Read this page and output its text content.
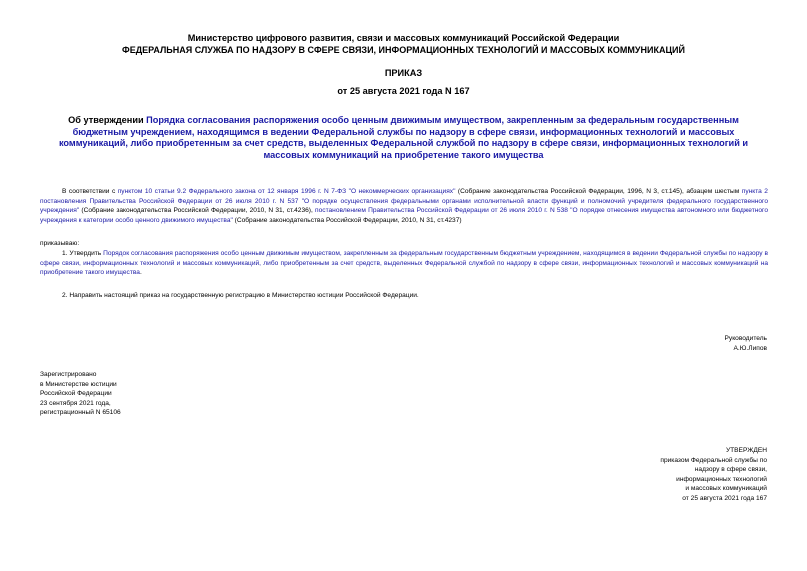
Министерство цифрового развития, связи и массовых коммуникаций Российской Федерации
ФЕДЕРАЛЬНАЯ СЛУЖБА ПО НАДЗОРУ В СФЕРЕ СВЯЗИ, ИНФОРМАЦИОННЫХ ТЕХНОЛОГИЙ И МАССОВЫХ КОММУНИКАЦИЙ
ПРИКАЗ
от 25 августа 2021 года N 167
Об утверждении Порядка согласования распоряжения особо ценным движимым имуществом, закрепленным за федеральным государственным бюджетным учреждением, находящимся в ведении Федеральной службы по надзору в сфере связи, информационных технологий и массовых коммуникаций, либо приобретенным за счет средств, выделенных Федеральной службой по надзору в сфере связи, информационных технологий и массовых коммуникаций на приобретение такого имущества
В соответствии с пунктом 10 статьи 9.2 Федерального закона от 12 января 1996 г. N 7-ФЗ "О некоммерческих организациях" (Собрание законодательства Российской Федерации, 1996, N 3, ст.145), абзацем шестым пункта 2 постановления Правительства Российской Федерации от 26 июля 2010 г. N 537 "О порядке осуществления федеральными органами исполнительной власти функций и полномочий учредителя федерального государственного учреждения" (Собрание законодательства Российской Федерации, 2010, N 31, ст.4236), постановлением Правительства Российской Федерации от 26 июля 2010 г. N 538 "О порядке отнесения имущества автономного или бюджетного учреждения к категории особо ценного движимого имущества" (Собрание законодательства Российской Федерации, 2010, N 31, ст.4237)
приказываю:
1. Утвердить Порядок согласования распоряжения особо ценным движимым имуществом, закрепленным за федеральным государственным бюджетным учреждением, находящимся в ведении Федеральной службы по надзору в сфере связи, информационных технологий и массовых коммуникаций, либо приобретенным за счет средств, выделенных Федеральной службой по надзору в сфере связи, информационных технологий и массовых коммуникаций на приобретение такого имущества.
2. Направить настоящий приказ на государственную регистрацию в Министерство юстиции Российской Федерации.
Руководитель
А.Ю.Липов
Зарегистрировано
в Министерстве юстиции
Российской Федерации
23 сентября 2021 года,
регистрационный N 65106
УТВЕРЖДЕН
приказом Федеральной службы по
надзору в сфере связи,
информационных технологий
и массовых коммуникаций
от 25 августа 2021 года 167
